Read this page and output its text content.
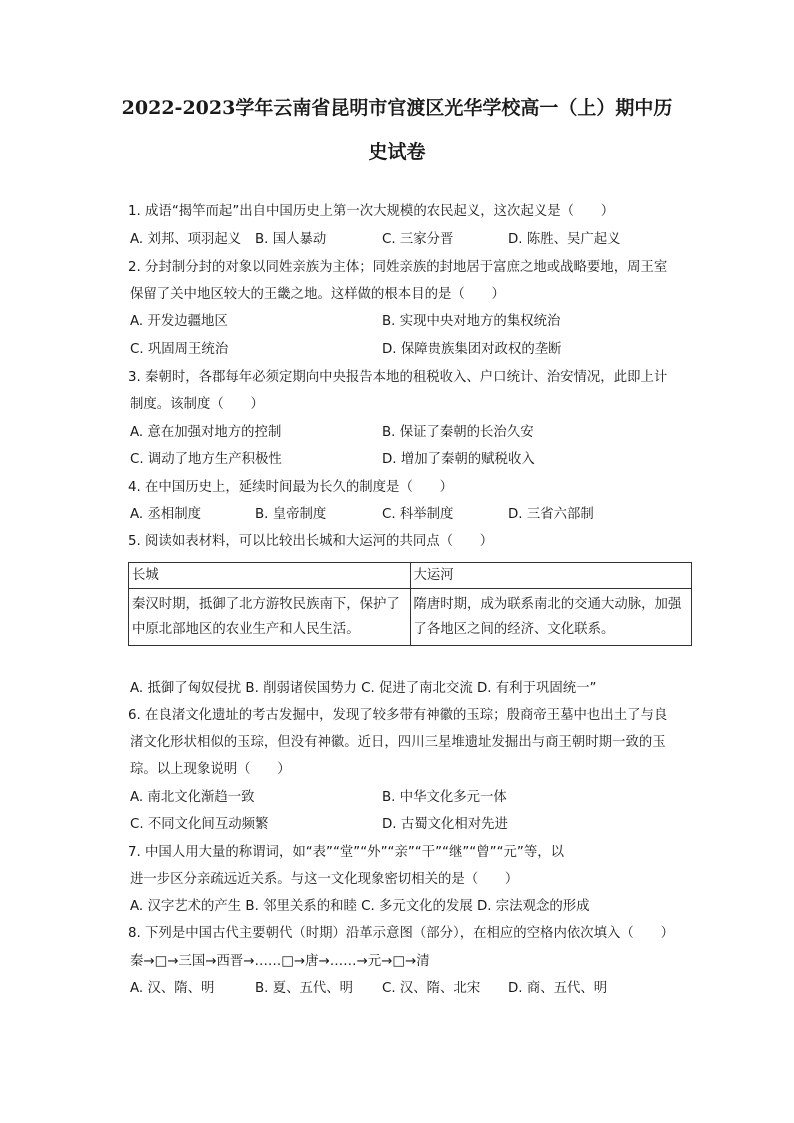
2022-2023学年云南省昆明市官渡区光华学校高一（上）期中历
史试卷
1. 成语“揭竿而起”出自中国历史上第一次大规模的农民起义，这次起义是（　　）
A. 刘邦、项羽起义 B. 国人暴动	C. 三家分晋	D. 陈胜、吴广起义
2. 分封制分封的对象以同姓亲族为主体；同姓亲族的封地居于富庶之地或战略要地，周王室
保留了关中地区较大的王畿之地。这样做的根本目的是（　　）
A. 开发边疆地区	B. 实现中央对地方的集权统治
C. 巩固周王统治	D. 保障贵族集团对政权的垄断
3. 秦朝时，各郡每年必须定期向中央报告本地的租税收入、户口统计、治安情况，此即上计
制度。该制度（　　）
A. 意在加强对地方的控制	B. 保证了秦朝的长治久安
C. 调动了地方生产积极性	D. 增加了秦朝的赋税收入
4. 在中国历史上，延续时间最为长久的制度是（　　）
A. 丞相制度	B. 皇帝制度	C. 科举制度	D. 三省六部制
5. 阅读如表材料，可以比较出长城和大运河的共同点（　　）
长城	大运河
秦汉时期，抵御了北方游牧民族南下，保护了中原北部地区的农业生产和人民生活。	隋唐时期，成为联系南北的交通大动脉，加强了各地区之间的经济、文化联系。
A. 抵御了匈奴侵扰 B. 削弱诸侯国势力 C. 促进了南北交流 D. 有利于巩固统一”
6. 在良渚文化遗址的考古发掘中，发现了较多带有神徽的玉琮；殷商帝王墓中也出土了与良
渚文化形状相似的玉琮，但没有神徽。近日，四川三星堆遗址发掘出与商王朝时期一致的玉
琮。以上现象说明（　　）
A. 南北文化渐趋一致	B. 中华文化多元一体
C. 不同文化间互动频繁	D. 古蜀文化相对先进
7. 中国人用大量的称谓词，如“表”“堂”“外”“亲”“干”“继”“曾”“元”等，以
进一步区分亲疏远近关系。与这一文化现象密切相关的是（　　）
A. 汉字艺术的产生 B. 邻里关系的和睦 C. 多元文化的发展 D. 宗法观念的形成
8. 下列是中国古代主要朝代（时期）沿革示意图（部分），在相应的空格内依次填入（　　）
秦→□→三国→西晋→……□→唐→……→元→□→清
A. 汉、隋、明	B. 夏、五代、明 C. 汉、隋、北宋 D. 商、五代、明
